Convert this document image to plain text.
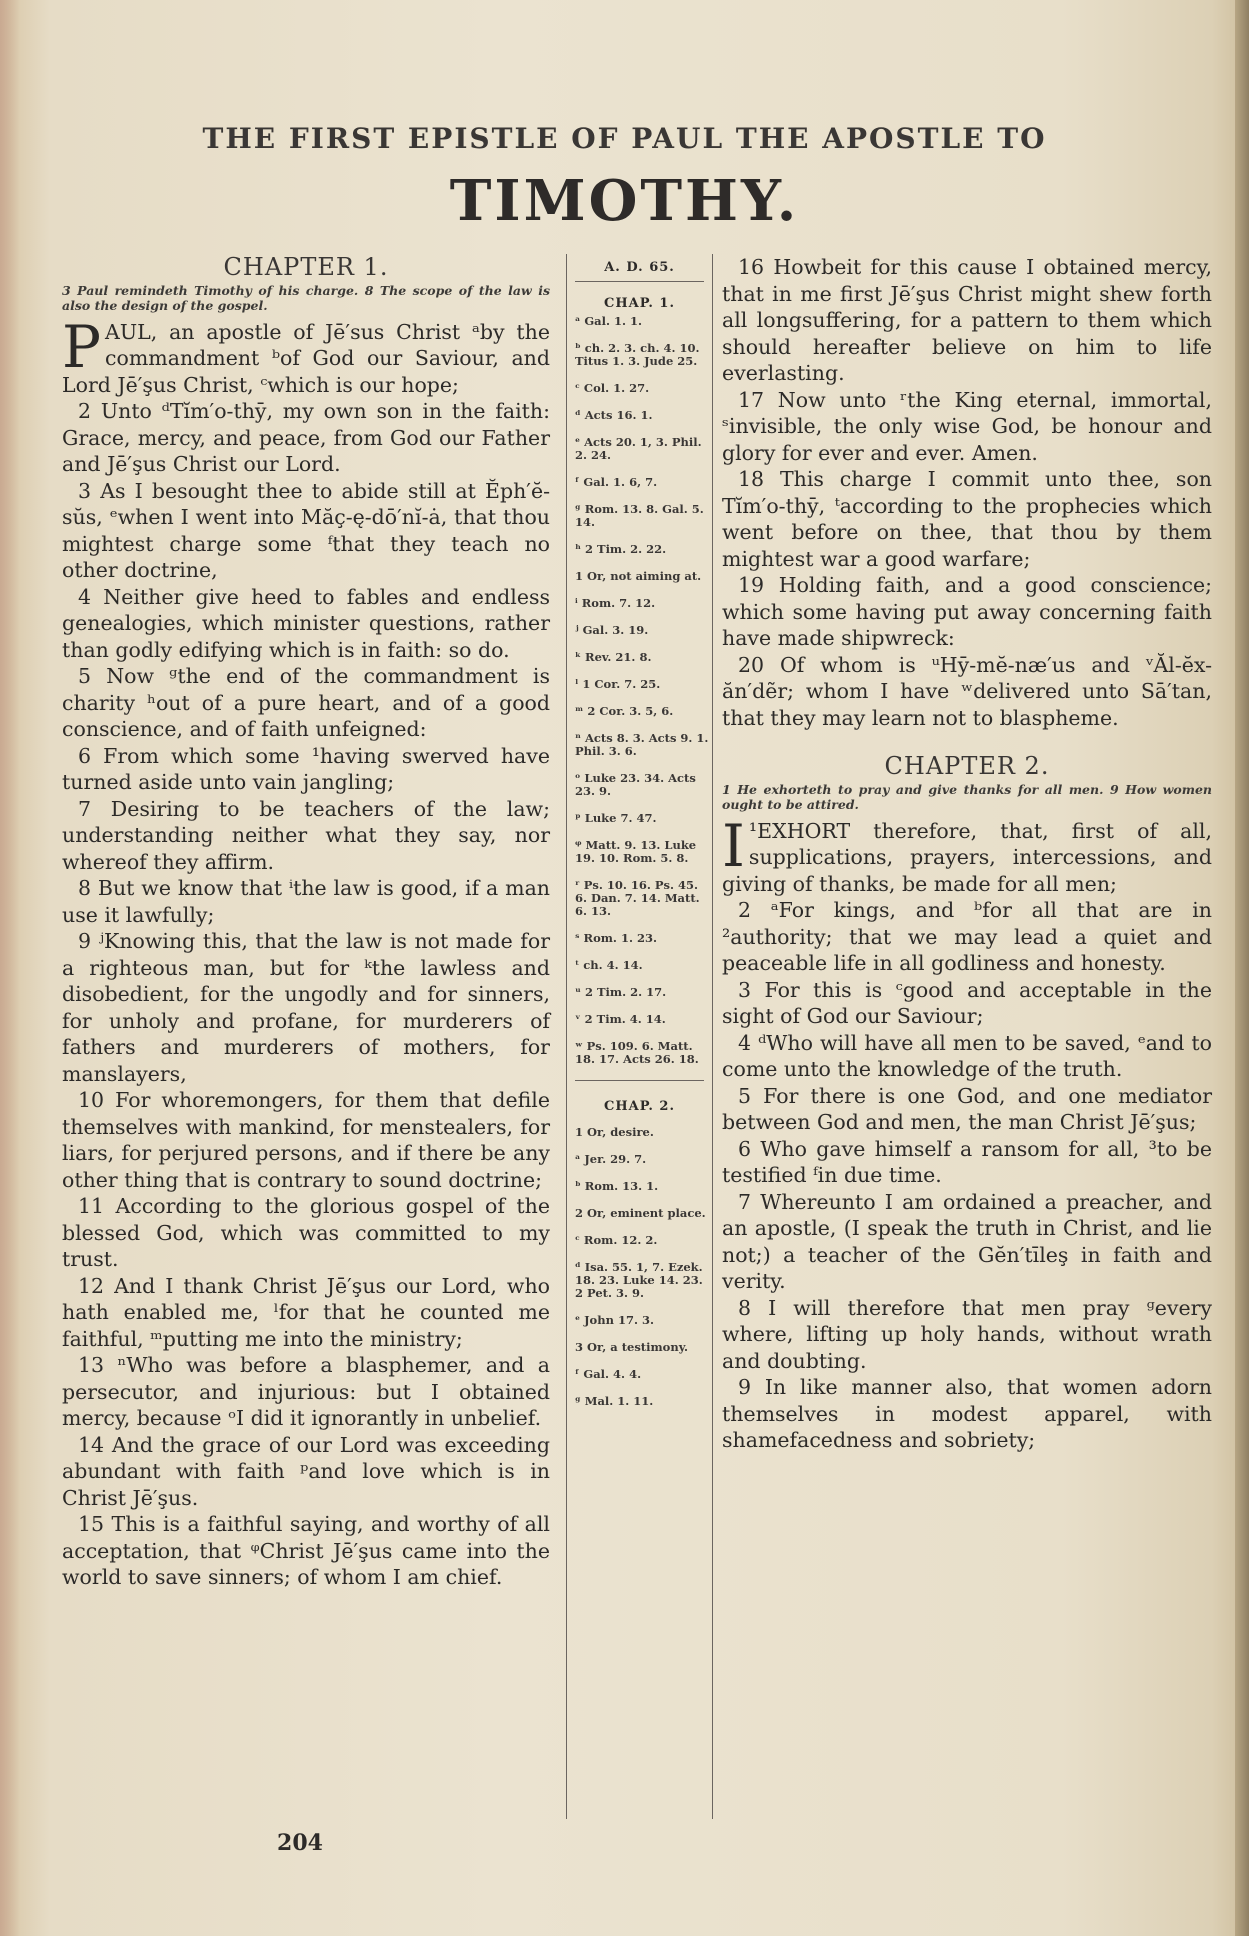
THE FIRST EPISTLE OF PAUL THE APOSTLE TO
TIMOTHY.
CHAPTER 1.
3 Paul remindeth Timothy of his charge. 8 The scope of the law is also the design of the gospel.

PAUL, an apostle of Jē′sus Christ ᵃby the commandment ᵇof God our Saviour, and Lord Jē′şus Christ, ᶜwhich is our hope;

2 Unto ᵈTĭm′o-thȳ, my own son in the faith: Grace, mercy, and peace, from God our Father and Jē′şus Christ our Lord.

3 As I besought thee to abide still at Ĕph′ĕ-sŭs, ᵉwhen I went into Măç-ę-dō′nĭ-ȧ, that thou mightest charge some ᶠthat they teach no other doctrine,

4 Neither give heed to fables and endless genealogies, which minister questions, rather than godly edifying which is in faith: so do.

5 Now ᵍthe end of the commandment is charity ʰout of a pure heart, and of a good conscience, and of faith unfeigned:

6 From which some ¹having swerved have turned aside unto vain jangling;

7 Desiring to be teachers of the law; understanding neither what they say, nor whereof they affirm.

8 But we know that ⁱthe law is good, if a man use it lawfully;

9 ʲKnowing this, that the law is not made for a righteous man, but for ᵏthe lawless and disobedient, for the ungodly and for sinners, for unholy and profane, for murderers of fathers and murderers of mothers, for manslayers,

10 For whoremongers, for them that defile themselves with mankind, for menstealers, for liars, for perjured persons, and if there be any other thing that is contrary to sound doctrine;

11 According to the glorious gospel of the blessed God, which was committed to my trust.

12 And I thank Christ Jē′şus our Lord, who hath enabled me, ˡfor that he counted me faithful, ᵐputting me into the ministry;

13 ⁿWho was before a blasphemer, and a persecutor, and injurious: but I obtained mercy, because ᵒI did it ignorantly in unbelief.

14 And the grace of our Lord was exceeding abundant with faith ᵖand love which is in Christ Jē′şus.

15 This is a faithful saying, and worthy of all acceptation, that ᵠChrist Jē′şus came into the world to save sinners; of whom I am chief.

A. D. 65.
CHAP. 1.
ᵃ Gal. 1. 1.
ᵇ ch. 2. 3. ch. 4. 10. Titus 1. 3. Jude 25.
ᶜ Col. 1. 27.
ᵈ Acts 16. 1.
ᵉ Acts 20. 1, 3. Phil. 2. 24.
ᶠ Gal. 1. 6, 7.
ᵍ Rom. 13. 8. Gal. 5. 14.
ʰ 2 Tim. 2. 22.
1 Or, not aiming at.
ⁱ Rom. 7. 12.
ʲ Gal. 3. 19.
ᵏ Rev. 21. 8.
ˡ 1 Cor. 7. 25.
ᵐ 2 Cor. 3. 5, 6.
ⁿ Acts 8. 3. Acts 9. 1. Phil. 3. 6.
ᵒ Luke 23. 34. Acts 23. 9.
ᵖ Luke 7. 47.
ᵠ Matt. 9. 13. Luke 19. 10. Rom. 5. 8.
ʳ Ps. 10. 16. Ps. 45. 6. Dan. 7. 14. Matt. 6. 13.
ˢ Rom. 1. 23.
ᵗ ch. 4. 14.
ᵘ 2 Tim. 2. 17.
ᵛ 2 Tim. 4. 14.
ʷ Ps. 109. 6. Matt. 18. 17. Acts 26. 18.
CHAP. 2.
1 Or, desire.
ᵃ Jer. 29. 7.
ᵇ Rom. 13. 1.
2 Or, eminent place.
ᶜ Rom. 12. 2.
ᵈ Isa. 55. 1, 7. Ezek. 18. 23. Luke 14. 23. 2 Pet. 3. 9.
ᵉ John 17. 3.
3 Or, a testimony.
ᶠ Gal. 4. 4.
ᵍ Mal. 1. 11.

16 Howbeit for this cause I obtained mercy, that in me first Jē′şus Christ might shew forth all longsuffering, for a pattern to them which should hereafter believe on him to life everlasting.

17 Now unto ʳthe King eternal, immortal, ˢinvisible, the only wise God, be honour and glory for ever and ever. Amen.

18 This charge I commit unto thee, son Tĭm′o-thȳ, ᵗaccording to the prophecies which went before on thee, that thou by them mightest war a good warfare;

19 Holding faith, and a good conscience; which some having put away concerning faith have made shipwreck:

20 Of whom is ᵘHȳ-mĕ-næ′us and ᵛĂl-ĕx-ăn′dẽr; whom I have ʷdelivered unto Sā′tan, that they may learn not to blaspheme.

CHAPTER 2.
1 He exhorteth to pray and give thanks for all men. 9 How women ought to be attired.

I ¹EXHORT therefore, that, first of all, supplications, prayers, intercessions, and giving of thanks, be made for all men;

2 ᵃFor kings, and ᵇfor all that are in ²authority; that we may lead a quiet and peaceable life in all godliness and honesty.

3 For this is ᶜgood and acceptable in the sight of God our Saviour;

4 ᵈWho will have all men to be saved, ᵉand to come unto the knowledge of the truth.

5 For there is one God, and one mediator between God and men, the man Christ Jē′şus;

6 Who gave himself a ransom for all, ³to be testified ᶠin due time.

7 Whereunto I am ordained a preacher, and an apostle, (I speak the truth in Christ, and lie not;) a teacher of the Gĕn′tīleş in faith and verity.

8 I will therefore that men pray ᵍevery where, lifting up holy hands, without wrath and doubting.

9 In like manner also, that women adorn themselves in modest apparel, with shamefacedness and sobriety;

204
